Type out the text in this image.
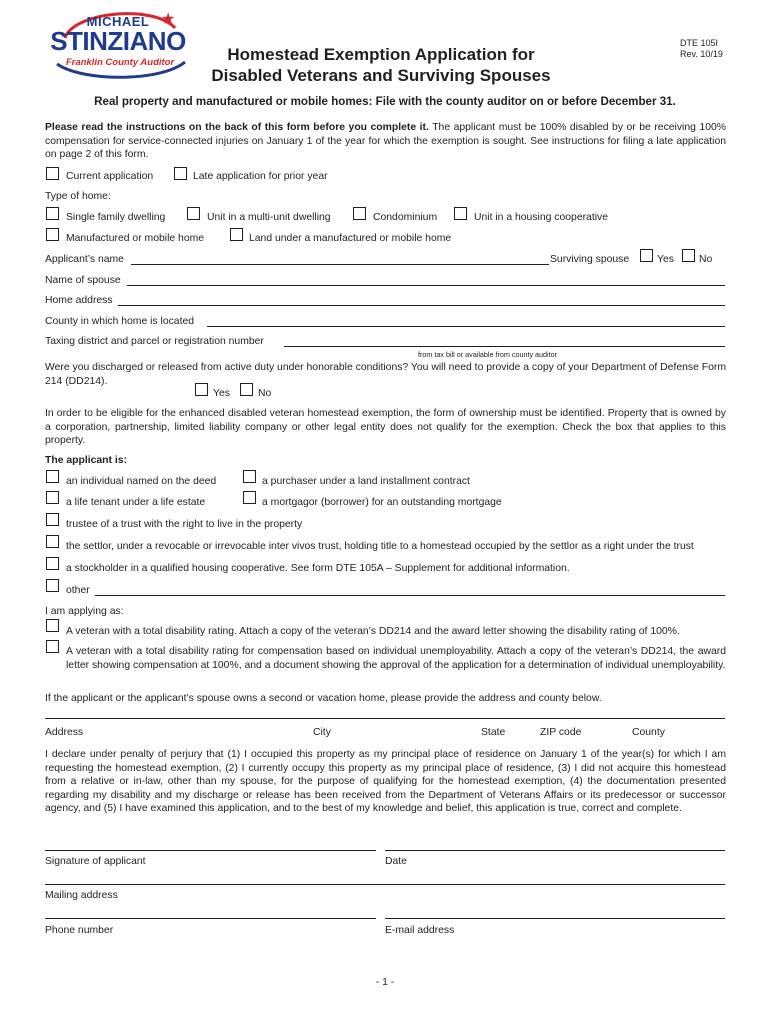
★
MICHAEL
STINZIANO
Franklin County Auditor	Homestead Exemption Application for
Disabled Veterans and Surviving Spouses
DTE 105I
Rev. 10/19
Real property and manufactured or mobile homes: File with the county auditor on or before December 31.
Please read the instructions on the back of this form before you complete it. The applicant must be 100% disabled by or be receiving 100% compensation for service-connected injuries on January 1 of the year for which the exemption is sought. See instructions for filing a late application on page 2 of this form.
Current application	Late application for prior year
Type of home:
Single family dwelling	Unit in a multi-unit dwelling	Condominium	Unit in a housing cooperative
Manufactured or mobile home	Land under a manufactured or mobile home
Applicant’s name	Surviving spouse	Yes No
Name of spouse
Home address
County in which home is located
Taxing district and parcel or registration number
from tax bill or available from county auditor
Were you discharged or released from active duty under honorable conditions? You will need to provide a copy of your Department of Defense Form 214 (DD214).
Yes	No
In order to be eligible for the enhanced disabled veteran homestead exemption, the form of ownership must be identified. Property that is owned by a corporation, partnership, limited liability company or other legal entity does not qualify for the exemption. Check the box that applies to this property.
The applicant is:
an individual named on the deed	a purchaser under a land installment contract
a life tenant under a life estate	a mortgagor (borrower) for an outstanding mortgage
trustee of a trust with the right to live in the property
the settlor, under a revocable or irrevocable inter vivos trust, holding title to a homestead occupied by the settlor as a right under the trust
a stockholder in a qualified housing cooperative. See form DTE 105A – Supplement for additional information.
other
I am applying as:
A veteran with a total disability rating. Attach a copy of the veteran’s DD214 and the award letter showing the disability rating of 100%.
A veteran with a total disability rating for compensation based on individual unemployability. Attach a copy of the veteran’s DD214, the award letter showing compensation at 100%, and a document showing the approval of the application for a determination of individual unemployability.
If the applicant or the applicant’s spouse owns a second or vacation home, please provide the address and county below.
Address	City	State	ZIP code	County
I declare under penalty of perjury that (1) I occupied this property as my principal place of residence on January 1 of the year(s) for which I am requesting the homestead exemption, (2) I currently occupy this property as my principal place of residence, (3) I did not acquire this homestead from a relative or in-law, other than my spouse, for the purpose of qualifying for the homestead exemption, (4) the documentation presented regarding my disability and my discharge or release has been received from the Department of Veterans Affairs or its predecessor or successor agency, and (5) I have examined this application, and to the best of my knowledge and belief, this application is true, correct and complete.
Signature of applicant	Date
Mailing address
Phone number	E-mail address
- 1 -
